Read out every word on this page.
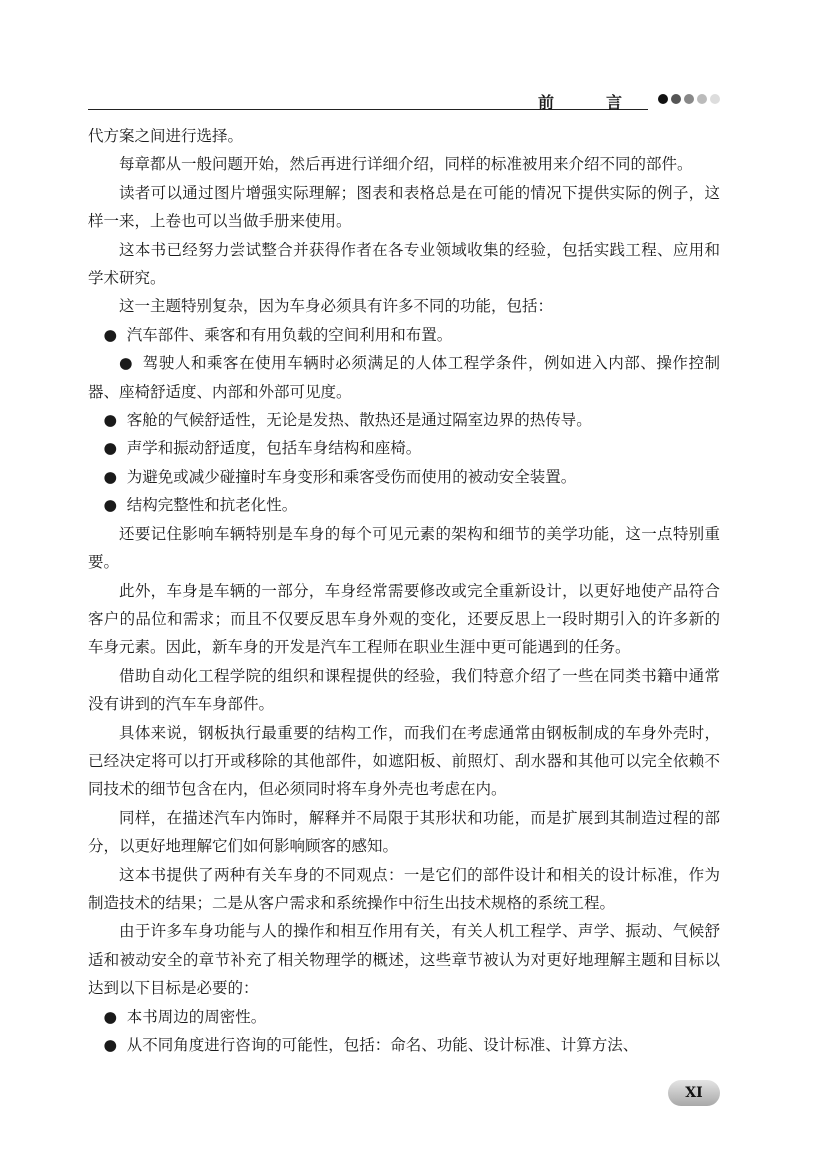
前　言

代方案之间进行选择。

每章都从一般问题开始，然后再进行详细介绍，同样的标准被用来介绍不同的部件。

读者可以通过图片增强实际理解；图表和表格总是在可能的情况下提供实际的例子，这样一来，上卷也可以当做手册来使用。

这本书已经努力尝试整合并获得作者在各专业领域收集的经验，包括实践工程、应用和学术研究。

这一主题特别复杂，因为车身必须具有许多不同的功能，包括：

● 汽车部件、乘客和有用负载的空间利用和布置。

● 驾驶人和乘客在使用车辆时必须满足的人体工程学条件，例如进入内部、操作控制器、座椅舒适度、内部和外部可见度。

● 客舱的气候舒适性，无论是发热、散热还是通过隔室边界的热传导。

● 声学和振动舒适度，包括车身结构和座椅。

● 为避免或减少碰撞时车身变形和乘客受伤而使用的被动安全装置。

● 结构完整性和抗老化性。

还要记住影响车辆特别是车身的每个可见元素的架构和细节的美学功能，这一点特别重要。

此外，车身是车辆的一部分，车身经常需要修改或完全重新设计，以更好地使产品符合客户的品位和需求；而且不仅要反思车身外观的变化，还要反思上一段时期引入的许多新的车身元素。因此，新车身的开发是汽车工程师在职业生涯中更可能遇到的任务。

借助自动化工程学院的组织和课程提供的经验，我们特意介绍了一些在同类书籍中通常没有讲到的汽车车身部件。

具体来说，钢板执行最重要的结构工作，而我们在考虑通常由钢板制成的车身外壳时，已经决定将可以打开或移除的其他部件，如遮阳板、前照灯、刮水器和其他可以完全依赖不同技术的细节包含在内，但必须同时将车身外壳也考虑在内。

同样，在描述汽车内饰时，解释并不局限于其形状和功能，而是扩展到其制造过程的部分，以更好地理解它们如何影响顾客的感知。

这本书提供了两种有关车身的不同观点：一是它们的部件设计和相关的设计标准，作为制造技术的结果；二是从客户需求和系统操作中衍生出技术规格的系统工程。

由于许多车身功能与人的操作和相互作用有关，有关人机工程学、声学、振动、气候舒适和被动安全的章节补充了相关物理学的概述，这些章节被认为对更好地理解主题和目标以达到以下目标是必要的：

● 本书周边的周密性。

● 从不同角度进行咨询的可能性，包括：命名、功能、设计标准、计算方法、

XI
